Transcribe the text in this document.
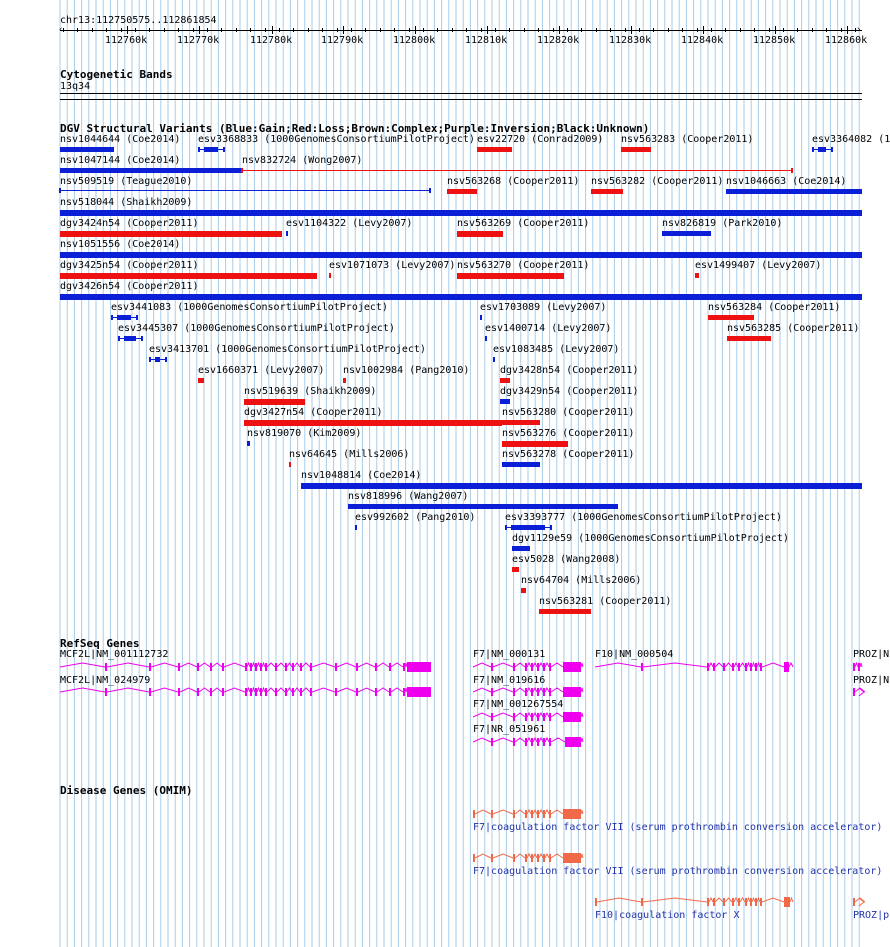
chr13:112750575..112861854
‹	›
112760k	112770k	112780k	112790k	112800k	112810k	112820k	112830k	112840k	112850k	112860k
Cytogenetic Bands
13q34
DGV Structural Variants (Blue:Gain;Red:Loss;Brown:Complex;Purple:Inversion;Black:Unknown)
nsv1044644 (Coe2014) esv3368833 (1000GenomesConsortiumPilotProject) esv22720 (Conrad2009) nsv563283 (Cooper2011)	esv3364082 (1
nsv1047144 (Coe2014)	nsv832724 (Wong2007)
nsv509519 (Teague2010)	nsv563268 (Cooper2011) nsv563282 (Cooper2011) nsv1046663 (Coe2014)
nsv518044 (Shaikh2009)
dgv3424n54 (Cooper2011)	esv1104322 (Levy2007)	nsv563269 (Cooper2011)	nsv826819 (Park2010)
nsv1051556 (Coe2014)
dgv3425n54 (Cooper2011)	esv1071073 (Levy2007) nsv563270 (Cooper2011)	esv1499407 (Levy2007)
dgv3426n54 (Cooper2011)
esv3441083 (1000GenomesConsortiumPilotProject)	esv1703089 (Levy2007)	nsv563284 (Cooper2011)
esv3445307 (1000GenomesConsortiumPilotProject)	esv1400714 (Levy2007)	nsv563285 (Cooper2011)
esv3413701 (1000GenomesConsortiumPilotProject)	esv1083485 (Levy2007)
esv1660371 (Levy2007) nsv1002984 (Pang2010)	dgv3428n54 (Cooper2011)
nsv519639 (Shaikh2009)	dgv3429n54 (Cooper2011)
dgv3427n54 (Cooper2011)	nsv563280 (Cooper2011)
nsv819070 (Kim2009)	nsv563276 (Cooper2011)
nsv64645 (Mills2006)	nsv563278 (Cooper2011)
nsv1048814 (Coe2014)
nsv818996 (Wang2007)
esv992602 (Pang2010)	esv3393777 (1000GenomesConsortiumPilotProject)
dgv1129e59 (1000GenomesConsortiumPilotProject)
esv5028 (Wang2008)
nsv64704 (Mills2006)
nsv563281 (Cooper2011)
RefSeq Genes
MCF2L|NM_001112732
MCF2L|NM_024979
F7|NM_000131
F7|NM_019616
F7|NM_001267554
F7|NR_051961
F10|NM_000504	PROZ|N
PROZ|N
Disease Genes (OMIM)
F7|coagulation factor VII (serum prothrombin conversion accelerator)
F7|coagulation factor VII (serum prothrombin conversion accelerator)
F10|coagulation factor X	PROZ|p
